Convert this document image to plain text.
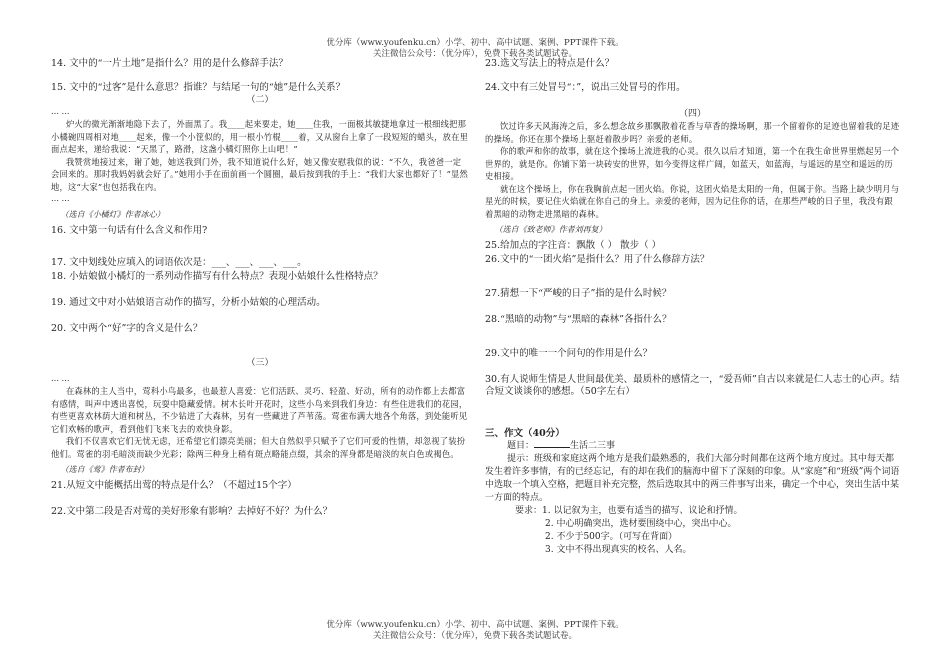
优分库（www.youfenku.cn）小学、初中、高中试题、案例、PPT课件下载。
关注微信公众号：（优分库），免费下载各类试题试卷。

14. 文中的“一片土地”是指什么？用的是什么修辞手法？

15. 文中的“过客”是什么意思？指谁？与结尾一句的“她”是什么关系？

（二）

… …

炉火的微光渐渐地隐下去了，外面黑了。我____起来要走，她____住我，一面极其敏捷地拿过一根细线把那小橘碗四周相对地____起来，像一个小筐似的，用一根小竹棍____着，又从窗台上拿了一段短短的蜡头，放在里面点起来，递给我说：“天黑了，路滑，这盏小橘灯照你上山吧！”

我赞赏地接过来，谢了她，她送我到门外，我不知道说什么好，她又像安慰我似的说：“不久，我爸爸一定会回来的。那时我妈妈就会好了。”她用小手在面前画一个圆圈，最后按到我的手上：“我们大家也都好了！”显然地，这“大家”也包括我在内。

… …

（选自《小橘灯》作者冰心）

16. 文中第一句话有什么含义和作用?

17. 文中划线处应填入的词语依次是：___、___、___、___。

18. 小姑娘做小橘灯的一系列动作描写有什么特点？表现小姑娘什么性格特点？

19. 通过文中对小姑娘语言动作的描写，分析小姑娘的心理活动。

20. 文中两个“好”字的含义是什么？

（三）

… …

在森林的主人当中，莺科小鸟最多，也最惹人喜爱：它们活跃、灵巧、轻盈、好动，所有的动作都上去都富有感情，叫声中透出喜悦，玩耍中隐藏爱情。树木长叶开花时，这些小鸟来到我们身边：有些住进我们的花园，有些更喜欢林荫大道和树丛，不少钻进了大森林，另有一些藏进了芦苇荡。莺雀布满大地各个角落，到处能听见它们欢畅的歌声，看到他们飞来飞去的欢快身影。

我们不仅喜欢它们无忧无虑，还希望它们漂亮美丽；但大自然似乎只赋予了它们可爱的性情，却忽视了装扮他们。莺雀的羽毛暗淡而缺少光彩；除两三种身上稍有斑点略能点缀，其余的浑身都是暗淡的灰白色或褐色。

（选自《莺》作者布封）

21.从短文中能概括出莺的特点是什么？（不超过15个字）

22.文中第二段是否对莺的美好形象有影响？去掉好不好？为什么？

23.选文写法上的特点是什么？

24.文中有三处冒号“：”，说出三处冒号的作用。

（四）

饮过许多天风海涛之后，多么想念故乡那飘散着花香与草香的操场啊，那一个留着你的足迹也留着我的足迹的操场。你还在那个操场上驱赶着散步吗？亲爱的老师。

你的歌声和你的故事，就在这个操场上流进我的心灵。很久以后才知道，第一个在我生命世界里燃起另一个世界的，就是你。你铺下第一块砖安的世界，如今变得这样广阔，如蓝天，如蓝海，与遥远的星空和遥远的历史相接。

就在这个操场上，你在我胸前点起一团火焰。你说，这团火焰是太阳的一角，但属于你。当路上缺少明月与星光的时候，要记住火焰就在你自己的身上。亲爱的老师，因为记住你的话，在那些严峻的日子里，我没有跟着黑暗的动物走进黑暗的森林。

（选自《致老师》作者刘再复）

25.给加点的字注音：飘散（ ） 散步（ ）

26.文中的“一团火焰”是指什么？用了什么修辞方法？

27.猜想一下“严峻的日子”指的是什么时候？

28.“黑暗的动物”与“黑暗的森林”各指什么？

29.文中的唯一一个问句的作用是什么？

30.有人说师生情是人世间最优美、最质朴的感情之一，“爱吾师”自古以来就是仁人志士的心声。结合短文谈谈你的感想。（50字左右）

三、作文（40分）

题目：	生活二三事

提示：班级和家庭这两个地方是我们最熟悉的，我们大部分时间都在这两个地方度过。其中每天都发生着许多事情，有的已经忘记，有的却在我们的脑海中留下了深刻的印象。从“家庭”和“班级”两个词语中选取一个填入空格，把题目补充完整，然后选取其中的两三件事写出来，确定一个中心，突出生活中某一方面的特点。

要求：1. 以记叙为主，也要有适当的描写、议论和抒情。

2. 中心明确突出，选材要围绕中心，突出中心。

2. 不少于500字。（可写在背面）

3. 文中不得出现真实的校名、人名。

优分库（www.youfenku.cn）小学、初中、高中试题、案例、PPT课件下载。
关注微信公众号：（优分库），免费下载各类试题试卷。
